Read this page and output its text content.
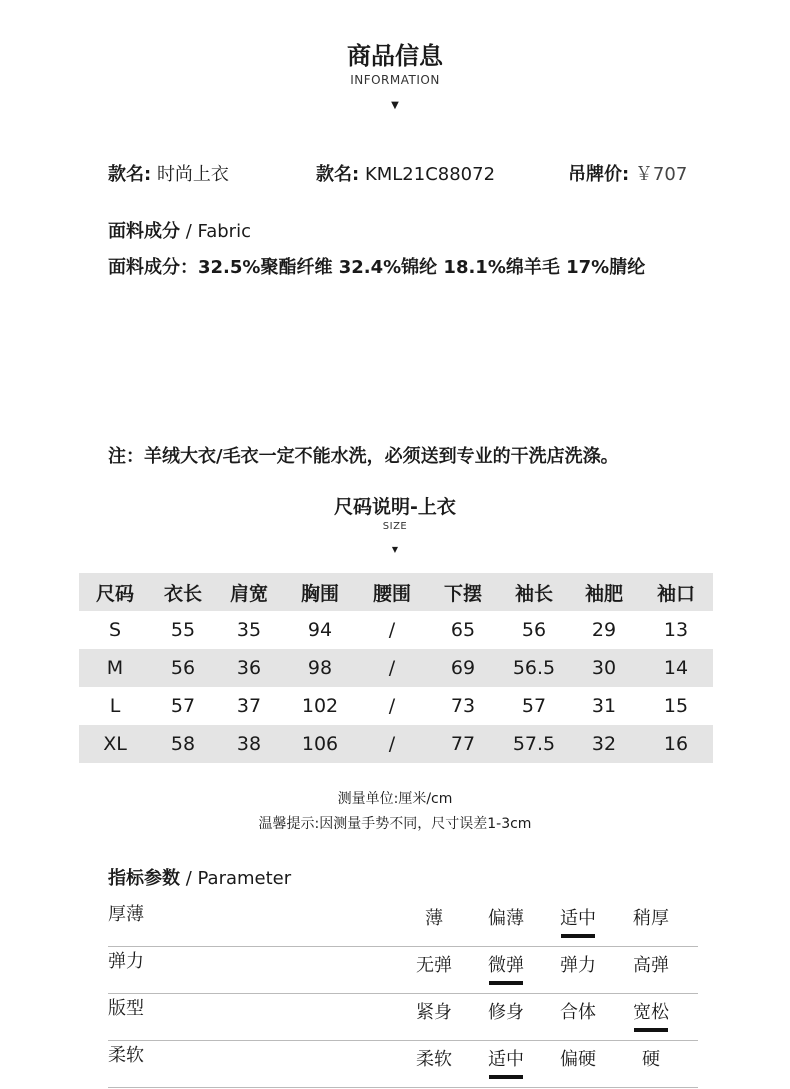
商品信息
INFORMATION
▼
款名: 时尚上衣	款名: KML21C88072	吊牌价: ￥707
面料成分 / Fabric
面料成分：32.5%聚酯纤维 32.4%锦纶 18.1%绵羊毛 17%腈纶
注：羊绒大衣/毛衣一定不能水洗，必须送到专业的干洗店洗涤。
尺码说明-上衣
SIZE
▼
尺码	衣长	肩宽	胸围	腰围	下摆	袖长	袖肥	袖口
S	55	35	94	/	65	56	29	13
M	56	36	98	/	69	56.5	30	14
L	57	37	102	/	73	57	31	15
XL	58	38	106	/	77	57.5	32	16
测量单位:厘米/cm
温馨提示:因测量手势不同，尺寸误差1-3cm
指标参数 / Parameter
厚薄	薄	偏薄	适中	稍厚
弹力	无弹	微弹	弹力	高弹
版型	紧身	修身	合体	宽松
柔软	柔软	适中	偏硬	硬
